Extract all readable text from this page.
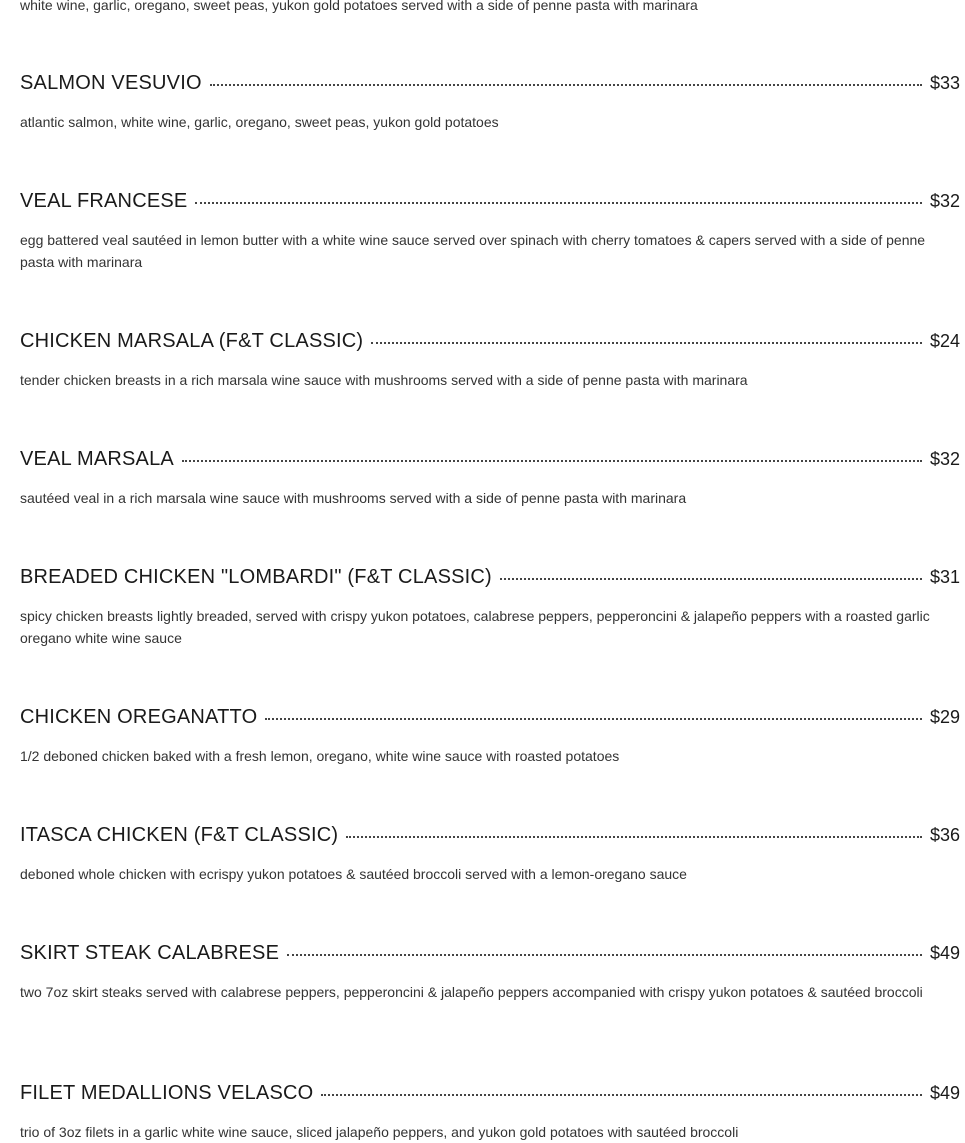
white wine, garlic, oregano, sweet peas, yukon gold potatoes served with a side of penne pasta with marinara
SALMON VESUVIO	$33
atlantic salmon, white wine, garlic, oregano, sweet peas, yukon gold potatoes
VEAL FRANCESE	$32
egg battered veal sautéed in lemon butter with a white wine sauce served over spinach with cherry tomatoes & capers served with a side of penne pasta with marinara
CHICKEN MARSALA (F&T CLASSIC)	$24
tender chicken breasts in a rich marsala wine sauce with mushrooms served with a side of penne pasta with marinara
VEAL MARSALA	$32
sautéed veal in a rich marsala wine sauce with mushrooms served with a side of penne pasta with marinara
BREADED CHICKEN "LOMBARDI" (F&T CLASSIC)	$31
spicy chicken breasts lightly breaded, served with crispy yukon potatoes, calabrese peppers, pepperoncini & jalapeño peppers with a roasted garlic oregano white wine sauce
CHICKEN OREGANATTO	$29
1/2 deboned chicken baked with a fresh lemon, oregano, white wine sauce with roasted potatoes
ITASCA CHICKEN (F&T CLASSIC)	$36
deboned whole chicken with ecrispy yukon potatoes & sautéed broccoli served with a lemon-oregano sauce
SKIRT STEAK CALABRESE	$49
two 7oz skirt steaks served with calabrese peppers, pepperoncini & jalapeño peppers accompanied with crispy yukon potatoes & sautéed broccoli
FILET MEDALLIONS VELASCO	$49
trio of 3oz filets in a garlic white wine sauce, sliced jalapeño peppers, and yukon gold potatoes with sautéed broccoli
